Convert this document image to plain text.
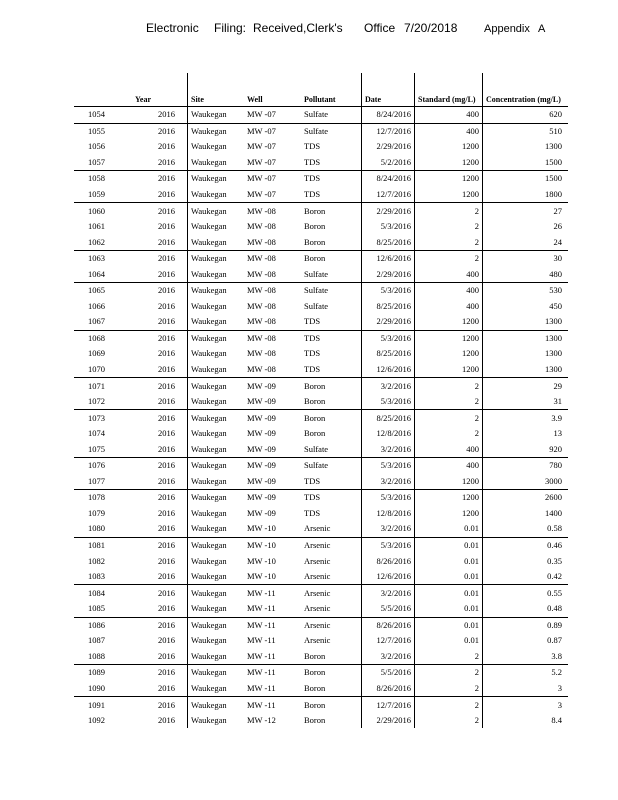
Electronic Filing: Received,Clerk's Office 7/20/2018 Appendix A
	Year	Site	Well	Pollutant	Date	Standard (mg/L)	Concentration (mg/L)
1054	2016	Waukegan	MW -07	Sulfate	8/24/2016	400	620
1055	2016	Waukegan	MW -07	Sulfate	12/7/2016	400	510
1056	2016	Waukegan	MW -07	TDS	2/29/2016	1200	1300
1057	2016	Waukegan	MW -07	TDS	5/2/2016	1200	1500
1058	2016	Waukegan	MW -07	TDS	8/24/2016	1200	1500
1059	2016	Waukegan	MW -07	TDS	12/7/2016	1200	1800
1060	2016	Waukegan	MW -08	Boron	2/29/2016	2	27
1061	2016	Waukegan	MW -08	Boron	5/3/2016	2	26
1062	2016	Waukegan	MW -08	Boron	8/25/2016	2	24
1063	2016	Waukegan	MW -08	Boron	12/6/2016	2	30
1064	2016	Waukegan	MW -08	Sulfate	2/29/2016	400	480
1065	2016	Waukegan	MW -08	Sulfate	5/3/2016	400	530
1066	2016	Waukegan	MW -08	Sulfate	8/25/2016	400	450
1067	2016	Waukegan	MW -08	TDS	2/29/2016	1200	1300
1068	2016	Waukegan	MW -08	TDS	5/3/2016	1200	1300
1069	2016	Waukegan	MW -08	TDS	8/25/2016	1200	1300
1070	2016	Waukegan	MW -08	TDS	12/6/2016	1200	1300
1071	2016	Waukegan	MW -09	Boron	3/2/2016	2	29
1072	2016	Waukegan	MW -09	Boron	5/3/2016	2	31
1073	2016	Waukegan	MW -09	Boron	8/25/2016	2	3.9
1074	2016	Waukegan	MW -09	Boron	12/8/2016	2	13
1075	2016	Waukegan	MW -09	Sulfate	3/2/2016	400	920
1076	2016	Waukegan	MW -09	Sulfate	5/3/2016	400	780
1077	2016	Waukegan	MW -09	TDS	3/2/2016	1200	3000
1078	2016	Waukegan	MW -09	TDS	5/3/2016	1200	2600
1079	2016	Waukegan	MW -09	TDS	12/8/2016	1200	1400
1080	2016	Waukegan	MW -10	Arsenic	3/2/2016	0.01	0.58
1081	2016	Waukegan	MW -10	Arsenic	5/3/2016	0.01	0.46
1082	2016	Waukegan	MW -10	Arsenic	8/26/2016	0.01	0.35
1083	2016	Waukegan	MW -10	Arsenic	12/6/2016	0.01	0.42
1084	2016	Waukegan	MW -11	Arsenic	3/2/2016	0.01	0.55
1085	2016	Waukegan	MW -11	Arsenic	5/5/2016	0.01	0.48
1086	2016	Waukegan	MW -11	Arsenic	8/26/2016	0.01	0.89
1087	2016	Waukegan	MW -11	Arsenic	12/7/2016	0.01	0.87
1088	2016	Waukegan	MW -11	Boron	3/2/2016	2	3.8
1089	2016	Waukegan	MW -11	Boron	5/5/2016	2	5.2
1090	2016	Waukegan	MW -11	Boron	8/26/2016	2	3
1091	2016	Waukegan	MW -11	Boron	12/7/2016	2	3
1092	2016	Waukegan	MW -12	Boron	2/29/2016	2	8.4
